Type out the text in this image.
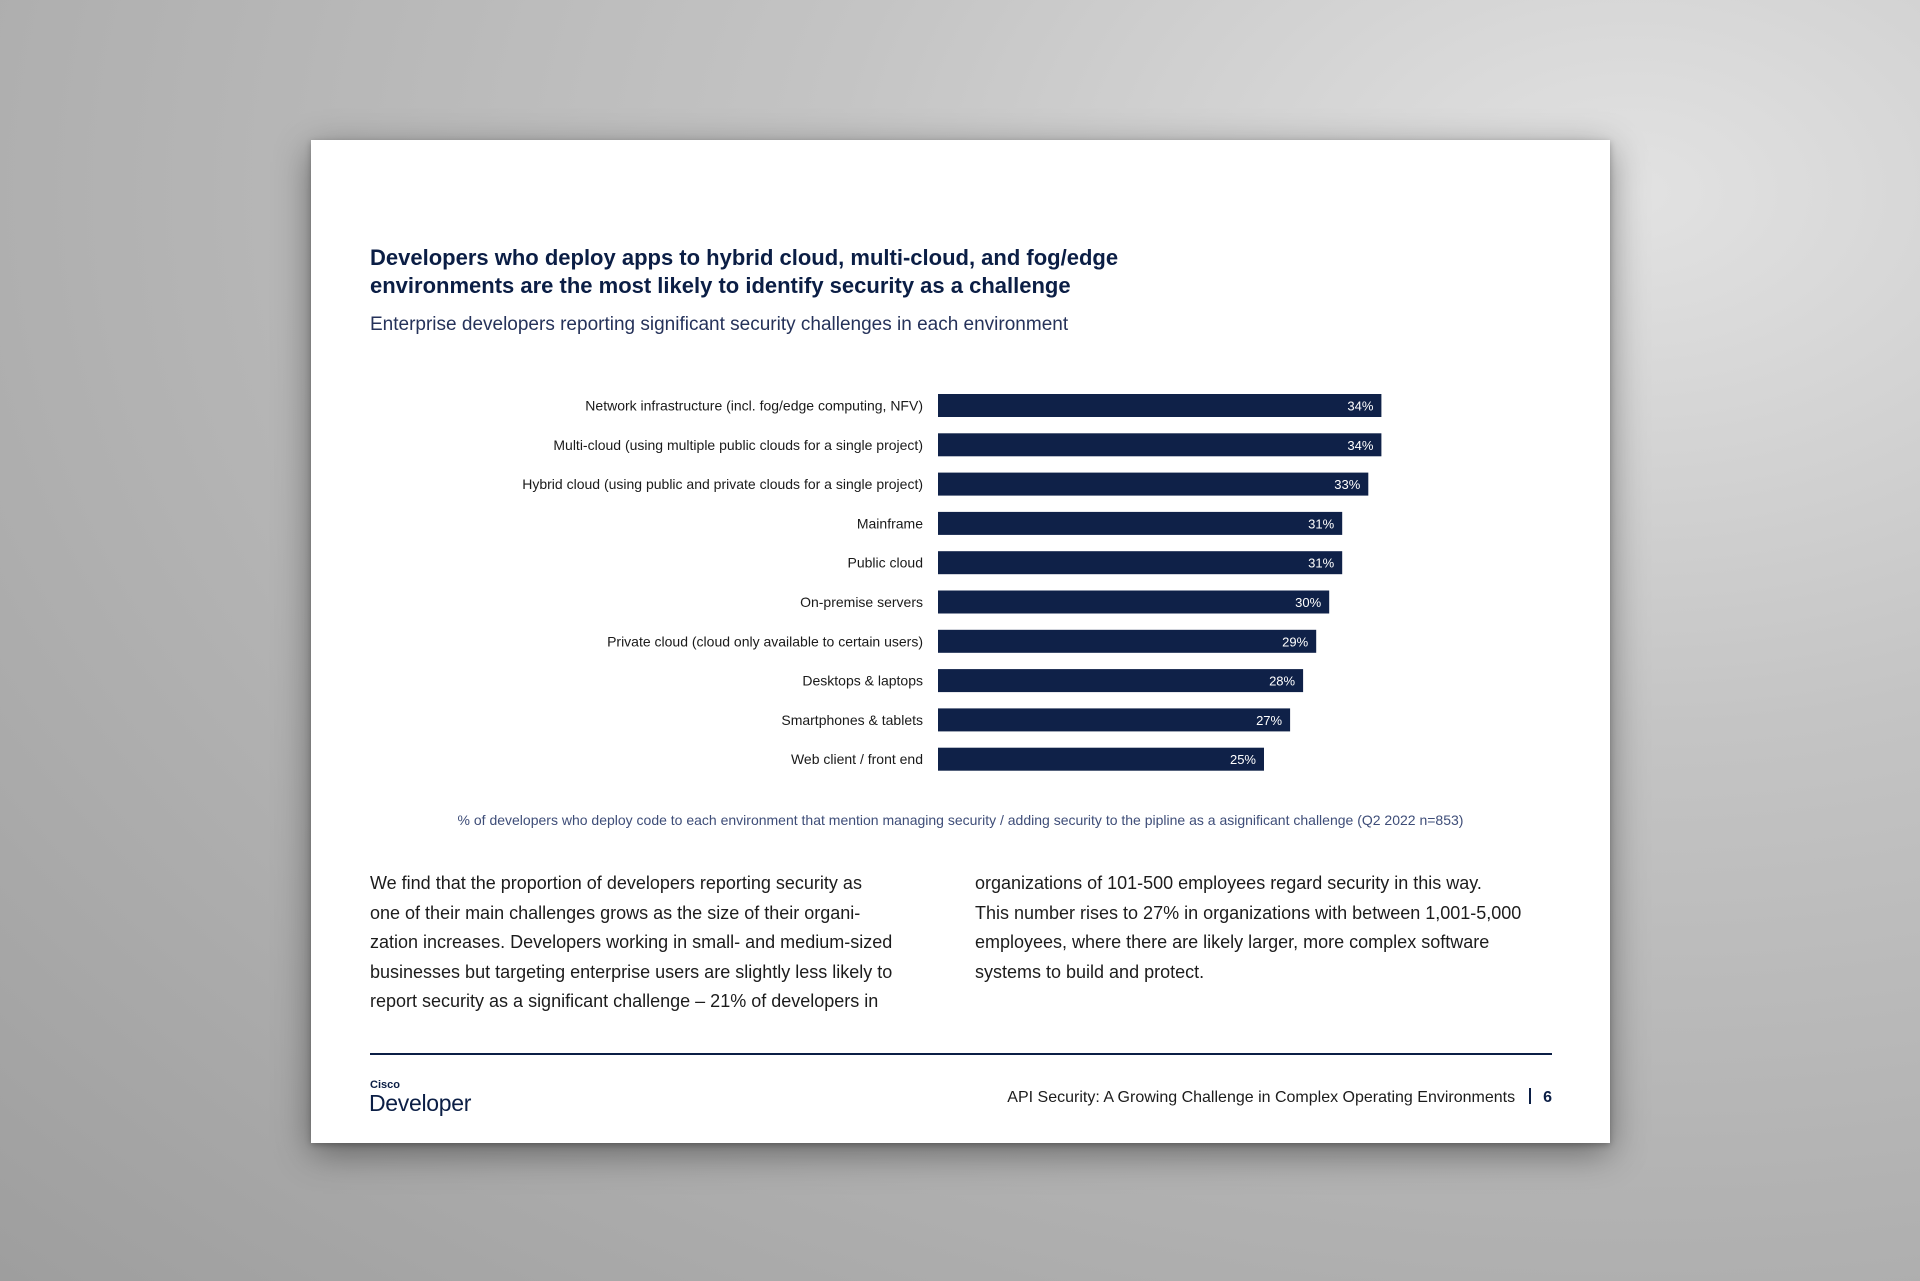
Developers who deploy apps to hybrid cloud, multi-cloud, and fog/edge
environments are the most likely to identify security as a challenge

Enterprise developers reporting significant security challenges in each environment

Network infrastructure (incl. fog/edge computing, NFV)	34%
Multi-cloud (using multiple public clouds for a single project)	34%
Hybrid cloud (using public and private clouds for a single project)	33%
Mainframe	31%
Public cloud	31%
On-premise servers	30%
Private cloud (cloud only available to certain users)	29%
Desktops & laptops	28%
Smartphones & tablets	27%
Web client / front end	25%

% of developers who deploy code to each environment that mention managing security / adding security to the pipline as a asignificant challenge (Q2 2022 n=853)

We find that the proportion of developers reporting security as
one of their main challenges grows as the size of their organi-
zation increases. Developers working in small- and medium-sized
businesses but targeting enterprise users are slightly less likely to
report security as a significant challenge – 21% of developers in
organizations of 101-500 employees regard security in this way.
This number rises to 27% in organizations with between 1,001-5,000
employees, where there are likely larger, more complex software
systems to build and protect.
Cisco
Developer	API Security: A Growing Challenge in Complex Operating Environments 6
